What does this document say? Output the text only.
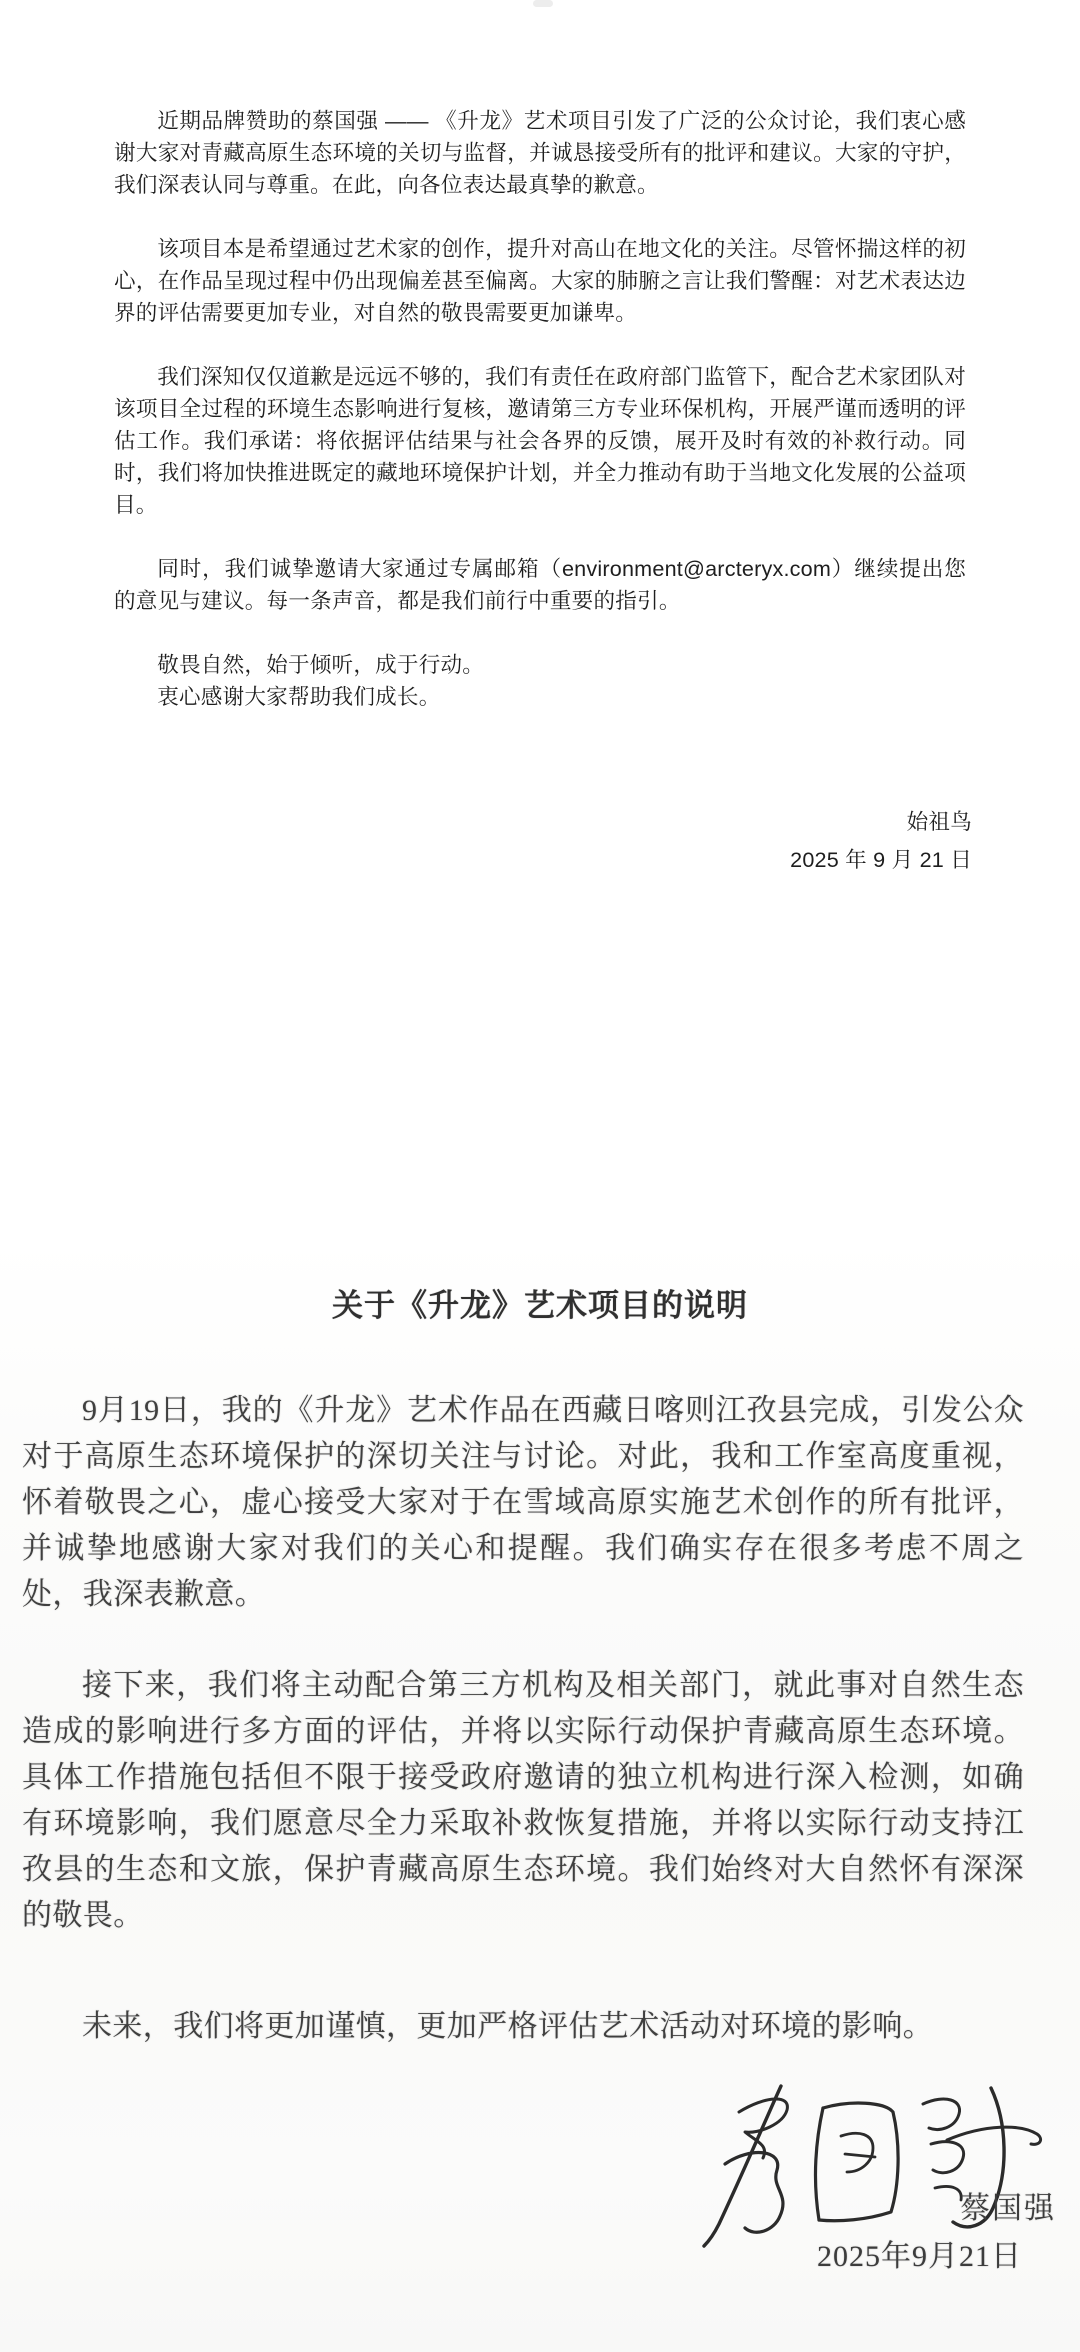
近期品牌赞助的蔡国强 —— 《升龙》艺术项目引发了广泛的公众讨论，我们衷心感谢大家对青藏高原生态环境的关切与监督，并诚恳接受所有的批评和建议。大家的守护，我们深表认同与尊重。在此，向各位表达最真挚的歉意。

该项目本是希望通过艺术家的创作，提升对高山在地文化的关注。尽管怀揣这样的初心，在作品呈现过程中仍出现偏差甚至偏离。大家的肺腑之言让我们警醒：对艺术表达边界的评估需要更加专业，对自然的敬畏需要更加谦卑。

我们深知仅仅道歉是远远不够的，我们有责任在政府部门监管下，配合艺术家团队对该项目全过程的环境生态影响进行复核，邀请第三方专业环保机构，开展严谨而透明的评估工作。我们承诺：将依据评估结果与社会各界的反馈，展开及时有效的补救行动。同时，我们将加快推进既定的藏地环境保护计划，并全力推动有助于当地文化发展的公益项目。

同时，我们诚挚邀请大家通过专属邮箱（environment@arcteryx.com）继续提出您的意见与建议。每一条声音，都是我们前行中重要的指引。

敬畏自然，始于倾听，成于行动。

衷心感谢大家帮助我们成长。

始祖鸟
2025 年 9 月 21 日
关于《升龙》艺术项目的说明

9月19日，我的《升龙》艺术作品在西藏日喀则江孜县完成，引发公众对于高原生态环境保护的深切关注与讨论。对此，我和工作室高度重视，怀着敬畏之心，虚心接受大家对于在雪域高原实施艺术创作的所有批评，并诚挚地感谢大家对我们的关心和提醒。我们确实存在很多考虑不周之处，我深表歉意。

接下来，我们将主动配合第三方机构及相关部门，就此事对自然生态造成的影响进行多方面的评估，并将以实际行动保护青藏高原生态环境。具体工作措施包括但不限于接受政府邀请的独立机构进行深入检测，如确有环境影响，我们愿意尽全力采取补救恢复措施，并将以实际行动支持江孜县的生态和文旅，保护青藏高原生态环境。我们始终对大自然怀有深深的敬畏。

未来，我们将更加谨慎，更加严格评估艺术活动对环境的影响。

蔡国强
2025年9月21日
